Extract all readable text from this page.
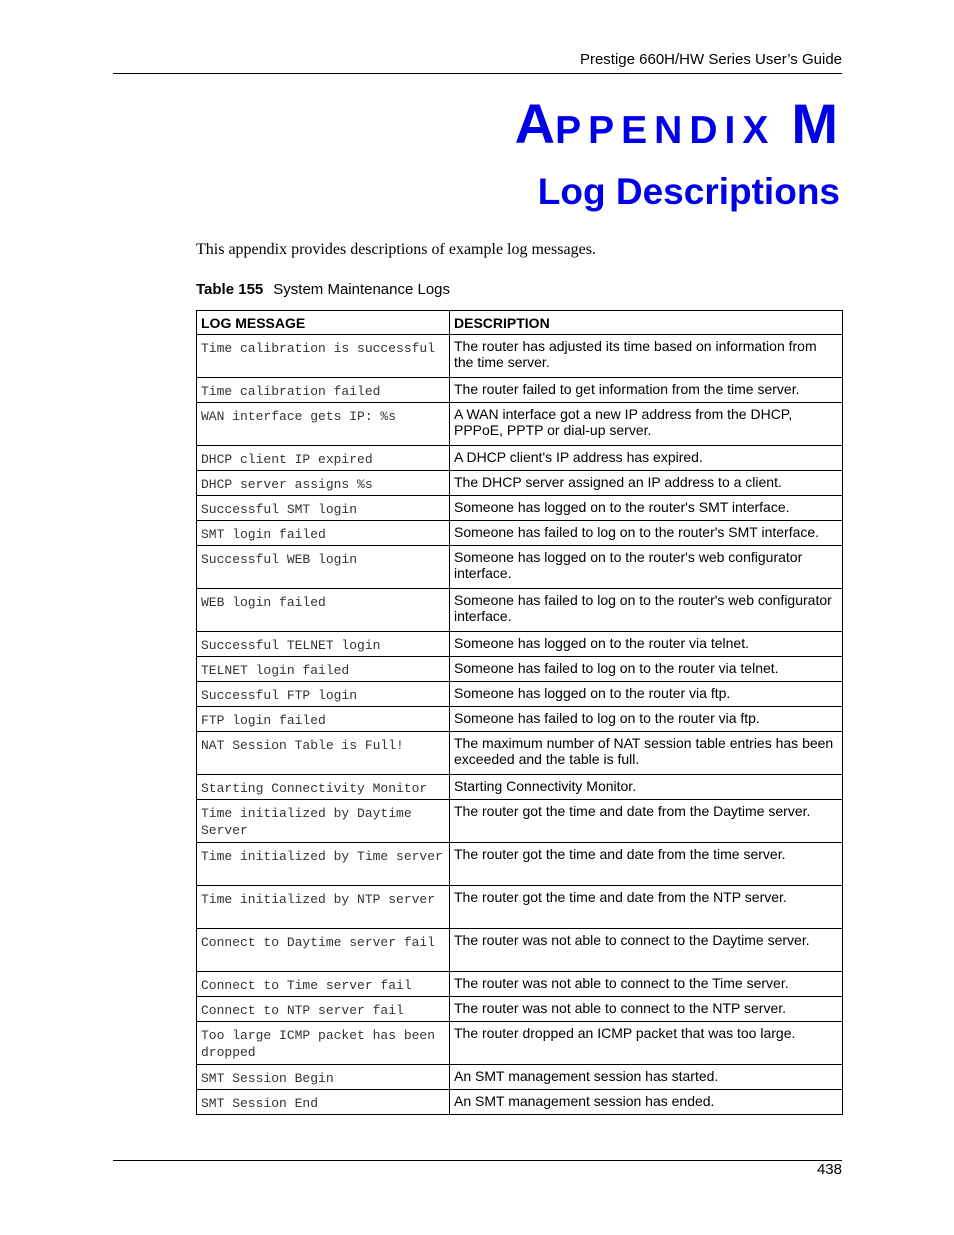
Prestige 660H/HW Series User’s Guide
APPENDIX M
Log Descriptions
This appendix provides descriptions of example log messages.
Table 155 System Maintenance Logs
LOG MESSAGE	DESCRIPTION
Time calibration is successful	The router has adjusted its time based on information from the time server.
Time calibration failed	The router failed to get information from the time server.
WAN interface gets IP: %s	A WAN interface got a new IP address from the DHCP, PPPoE, PPTP or dial-up server.
DHCP client IP expired	A DHCP client's IP address has expired.
DHCP server assigns %s	The DHCP server assigned an IP address to a client.
Successful SMT login	Someone has logged on to the router's SMT interface.
SMT login failed	Someone has failed to log on to the router's SMT interface.
Successful WEB login	Someone has logged on to the router's web configurator interface.
WEB login failed	Someone has failed to log on to the router's web configurator interface.
Successful TELNET login	Someone has logged on to the router via telnet.
TELNET login failed	Someone has failed to log on to the router via telnet.
Successful FTP login	Someone has logged on to the router via ftp.
FTP login failed	Someone has failed to log on to the router via ftp.
NAT Session Table is Full!	The maximum number of NAT session table entries has been exceeded and the table is full.
Starting Connectivity Monitor	Starting Connectivity Monitor.
Time initialized by Daytime Server	The router got the time and date from the Daytime server.
Time initialized by Time server	The router got the time and date from the time server.
Time initialized by NTP server	The router got the time and date from the NTP server.
Connect to Daytime server fail	The router was not able to connect to the Daytime server.
Connect to Time server fail	The router was not able to connect to the Time server.
Connect to NTP server fail	The router was not able to connect to the NTP server.
Too large ICMP packet has been dropped	The router dropped an ICMP packet that was too large.
SMT Session Begin	An SMT management session has started.
SMT Session End	An SMT management session has ended.
438
